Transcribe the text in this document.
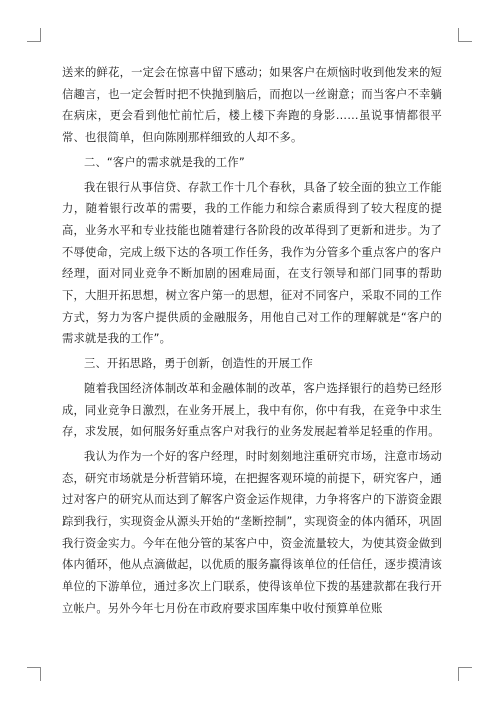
送来的鲜花，一定会在惊喜中留下感动；如果客户在烦恼时收到他发来的短信趣言，也一定会暂时把不快抛到脑后，而抱以一丝谢意；而当客户不幸躺在病床，更会看到他忙前忙后，楼上楼下奔跑的身影……虽说事情都很平常、也很简单，但向陈刚那样细致的人却不多。

二、“客户的需求就是我的工作”

我在银行从事信贷、存款工作十几个春秋，具备了较全面的独立工作能力，随着银行改革的需要，我的工作能力和综合素质得到了较大程度的提高，业务水平和专业技能也随着建行各阶段的改革得到了更新和进步。为了不辱使命，完成上级下达的各项工作任务，我作为分管多个重点客户的客户经理，面对同业竞争不断加剧的困难局面，在支行领导和部门同事的帮助下，大胆开拓思想，树立客户第一的思想，征对不同客户，采取不同的工作方式，努力为客户提供质的金融服务，用他自己对工作的理解就是“客户的需求就是我的工作”。

三、开拓思路，勇于创新，创造性的开展工作

随着我国经济体制改革和金融体制的改革，客户选择银行的趋势已经形成，同业竞争日激烈，在业务开展上，我中有你，你中有我，在竞争中求生存，求发展，如何服务好重点客户对我行的业务发展起着举足轻重的作用。

我认为作为一个好的客户经理，时时刻刻地注重研究市场，注意市场动态，研究市场就是分析营销环境，在把握客观环境的前提下，研究客户，通过对客户的研究从而达到了解客户资金运作规律，力争将客户的下游资金跟踪到我行，实现资金从源头开始的“垄断控制”，实现资金的体内循环，巩固我行资金实力。今年在他分管的某客户中，资金流量较大，为使其资金做到体内循环，他从点滴做起，以优质的服务赢得该单位的任信任，逐步摸清该单位的下游单位，通过多次上门联系，使得该单位下拨的基建款都在我行开立帐户。另外今年七月份在市政府要求国库集中收付预算单位账
